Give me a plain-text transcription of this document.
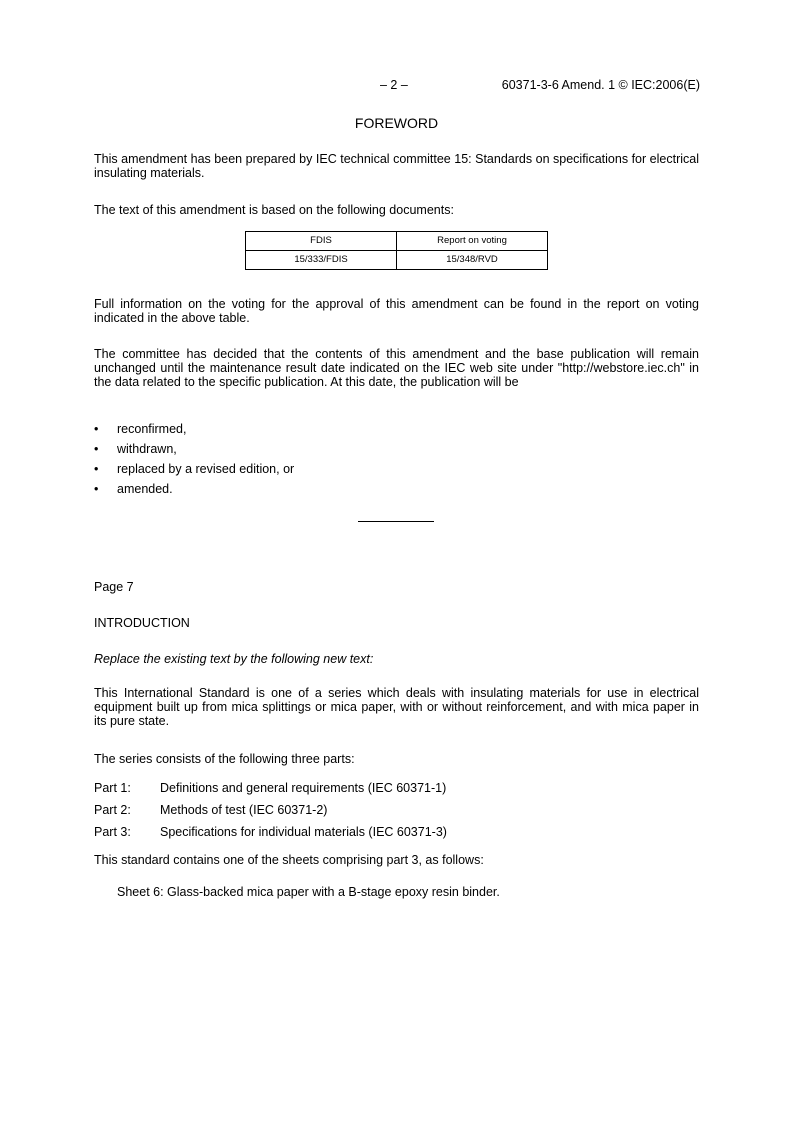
– 2 –	60371-3-6 Amend. 1 © IEC:2006(E)
FOREWORD
This amendment has been prepared by IEC technical committee 15: Standards on specifications for electrical insulating materials.
The text of this amendment is based on the following documents:
FDIS	Report on voting
15/333/FDIS	15/348/RVD
Full information on the voting for the approval of this amendment can be found in the report on voting indicated in the above table.
The committee has decided that the contents of this amendment and the base publication will remain unchanged until the maintenance result date indicated on the IEC web site under "http://webstore.iec.ch" in the data related to the specific publication. At this date, the publication will be
• reconfirmed,
• withdrawn,
• replaced by a revised edition, or
• amended.
Page 7
INTRODUCTION
Replace the existing text by the following new text:
This International Standard is one of a series which deals with insulating materials for use in electrical equipment built up from mica splittings or mica paper, with or without reinforcement, and with mica paper in its pure state.
The series consists of the following three parts:
Part 1: Definitions and general requirements (IEC 60371-1)
Part 2: Methods of test (IEC 60371-2)
Part 3: Specifications for individual materials (IEC 60371-3)
This standard contains one of the sheets comprising part 3, as follows:
Sheet 6: Glass-backed mica paper with a B-stage epoxy resin binder.
